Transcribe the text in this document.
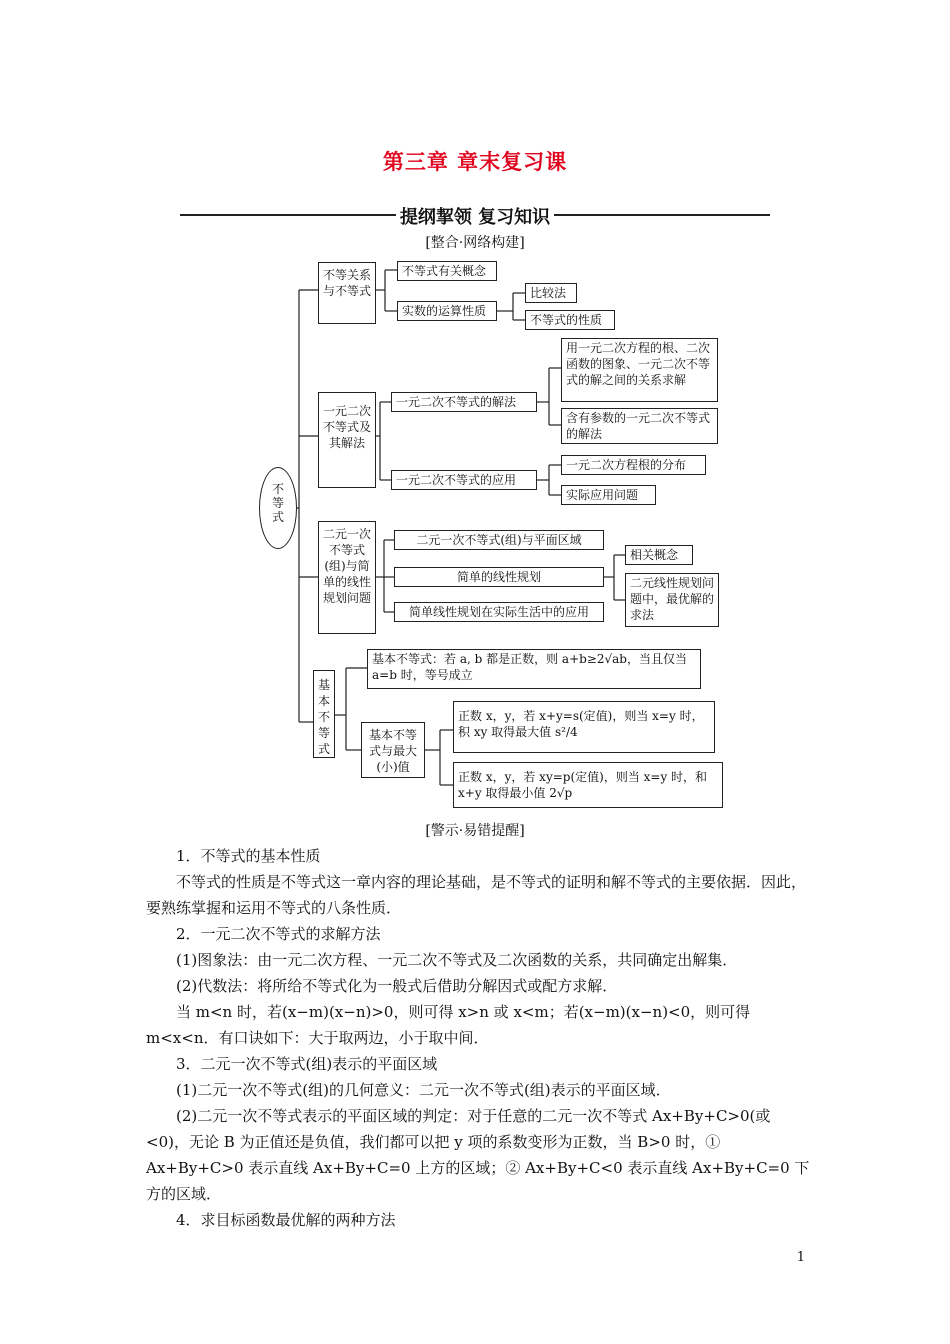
第三章 章末复习课
提纲挈领 复习知识
[整合·网络构建]
不等式
不等关系与不等式
不等式有关概念
实数的运算性质
比较法
不等式的性质
一元二次不等式及其解法
一元二次不等式的解法
用一元二次方程的根、二次函数的图象、一元二次不等式的解之间的关系求解
含有参数的一元二次不等式的解法
一元二次不等式的应用
一元二次方程根的分布
实际应用问题
二元一次不等式(组)与简单的线性规划问题
二元一次不等式(组)与平面区域
简单的线性规划
简单线性规划在实际生活中的应用
相关概念
二元线性规划问题中，最优解的求法
基本不等式
基本不等式：若 a, b 都是正数，则 a+b≥2√ab，当且仅当 a=b 时，等号成立
基本不等式与最大(小)值
正数 x，y，若 x+y=s(定值)，则当 x=y 时，积 xy 取得最大值 s²/4
正数 x，y，若 xy=p(定值)，则当 x=y 时，和 x+y 取得最小值 2√p
[警示·易错提醒]
1．不等式的基本性质
不等式的性质是不等式这一章内容的理论基础，是不等式的证明和解不等式的主要依据．因此，要熟练掌握和运用不等式的八条性质．
2．一元二次不等式的求解方法
(1)图象法：由一元二次方程、一元二次不等式及二次函数的关系，共同确定出解集．
(2)代数法：将所给不等式化为一般式后借助分解因式或配方求解．
当 m<n 时，若(x−m)(x−n)>0，则可得 x>n 或 x<m；若(x−m)(x−n)<0，则可得 m<x<n．有口诀如下：大于取两边，小于取中间．
3．二元一次不等式(组)表示的平面区域
(1)二元一次不等式(组)的几何意义：二元一次不等式(组)表示的平面区域．
(2)二元一次不等式表示的平面区域的判定：对于任意的二元一次不等式 Ax+By+C>0(或<0)，无论 B 为正值还是负值，我们都可以把 y 项的系数变形为正数，当 B>0 时，① Ax+By+C>0 表示直线 Ax+By+C=0 上方的区域；② Ax+By+C<0 表示直线 Ax+By+C=0 下方的区域．
4．求目标函数最优解的两种方法
1
